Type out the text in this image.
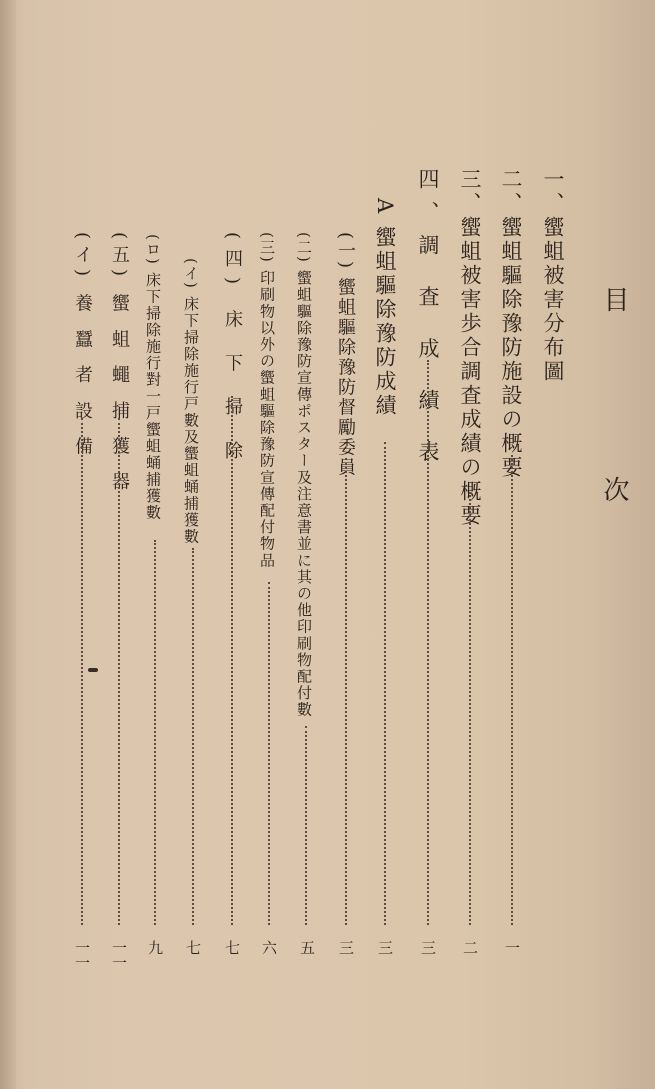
目 次
一、蠁蛆被害分布圖
二、蠁蛆驅除豫防施設の概要
一
三、蠁蛆被害歩合調査成績の概要
二
四、調 査 成 績 表
三
A 蠁蛆驅除豫防成績
三
(一) 蠁蛆驅除豫防督勵委員
三
(二) 蠁蛆驅除豫防宣傳ポスター及注意書並に其の他印刷物配付數
五
(三) 印刷物以外の蠁蛆驅除豫防宣傳配付物品
六
(四) 床 下 掃 除
七
(イ) 床下掃除施行戸數及蠁蛆蛹捕獲數
七
(ロ) 床下掃除施行對一戸蠁蛆蛹捕獲數
九
(五) 蠁 蛆 蠅 捕 獲 器
一一
(イ) 養 蠶 者 設 備
一一
